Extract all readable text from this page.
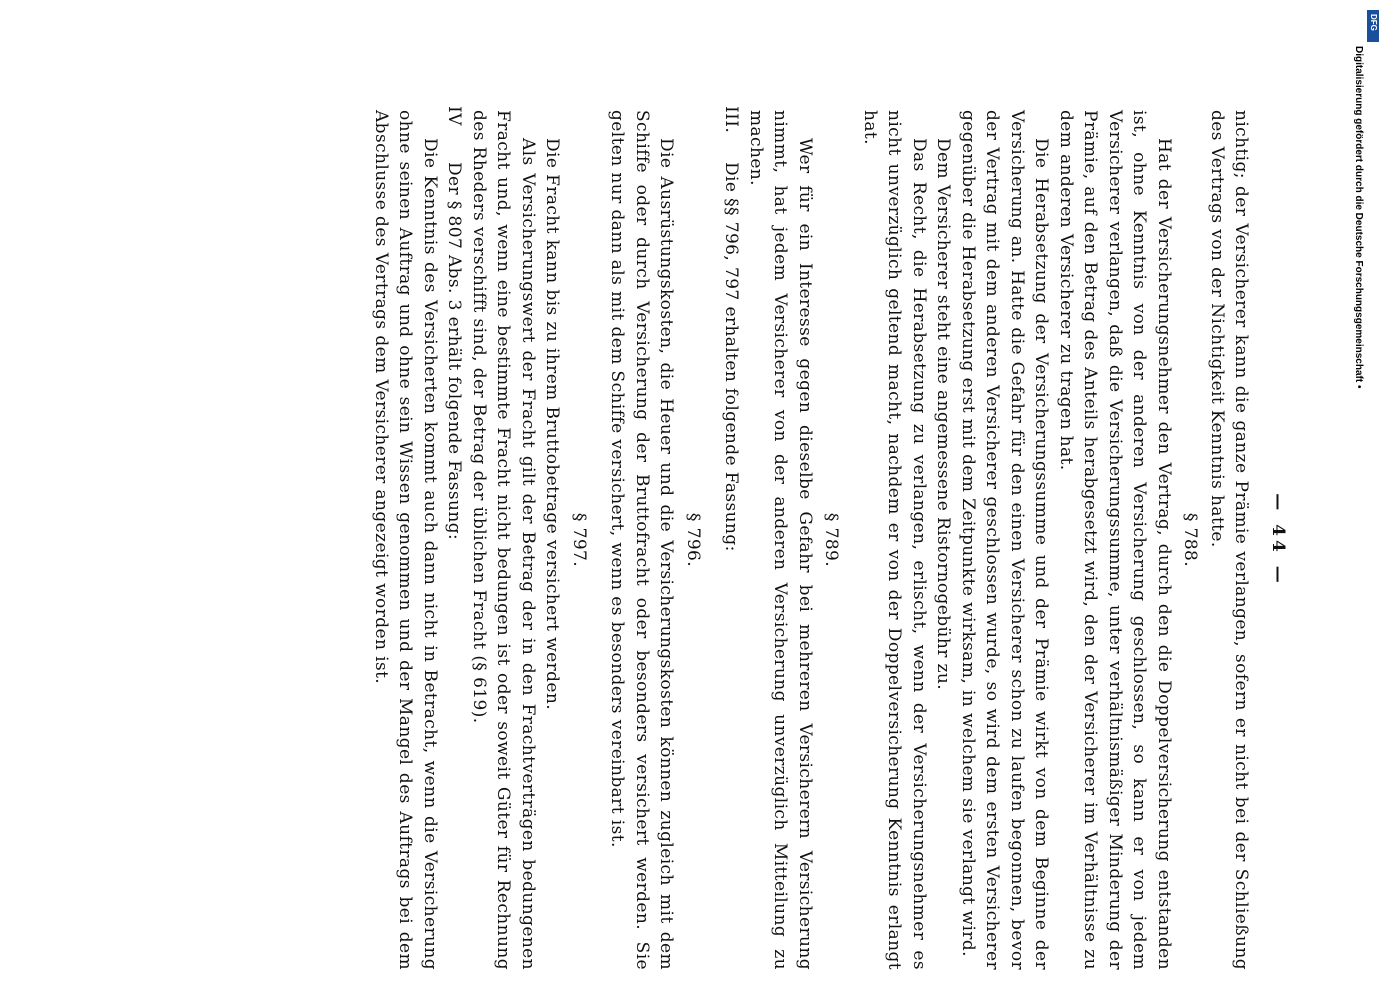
— 44 —

nichtig; der Versicherer kann die ganze Prämie verlangen, sofern er nicht bei der Schließung des Vertrags von der Nichtigkeit Kenntnis hatte.

§ 788.

Hat der Versicherungsnehmer den Vertrag, durch den die Doppelversicherung entstanden ist, ohne Kenntnis von der anderen Versicherung geschlossen, so kann er von jedem Versicherer verlangen, daß die Versicherungssumme, unter verhältnismäßiger Minderung der Prämie, auf den Betrag des Anteils herabgesetzt wird, den der Versicherer im Verhältnisse zu dem anderen Versicherer zu tragen hat.

Die Herabsetzung der Versicherungssumme und der Prämie wirkt von dem Beginne der Versicherung an. Hatte die Gefahr für den einen Versicherer schon zu laufen begonnen, bevor der Vertrag mit dem anderen Versicherer geschlossen wurde, so wird dem ersten Versicherer gegenüber die Herabsetzung erst mit dem Zeitpunkte wirksam, in welchem sie verlangt wird.

Dem Versicherer steht eine angemessene Ristornogebühr zu.

Das Recht, die Herabsetzung zu verlangen, erlischt, wenn der Versicherungsnehmer es nicht unverzüglich geltend macht, nachdem er von der Doppelversicherung Kenntnis erlangt hat.

§ 789.

Wer für ein Interesse gegen dieselbe Gefahr bei mehreren Versicherern Versicherung nimmt, hat jedem Versicherer von der anderen Versicherung unverzüglich Mitteilung zu machen.

III.
Die §§ 796, 797 erhalten folgende Fassung:

§ 796.

Die Ausrüstungskosten, die Heuer und die Versicherungskosten können zugleich mit dem Schiffe oder durch Versicherung der Bruttofracht oder besonders versichert werden. Sie gelten nur dann als mit dem Schiffe versichert, wenn es besonders vereinbart ist.

§ 797.

Die Fracht kann bis zu ihrem Bruttobetrage versichert werden.

Als Versicherungswert der Fracht gilt der Betrag der in den Frachtverträgen bedungenen Fracht und, wenn eine bestimmte Fracht nicht bedungen ist oder soweit Güter für Rechnung des Rheders verschifft sind, der Betrag der üblichen Fracht (§ 619).

IV
Der § 807 Abs. 3 erhält folgende Fassung:

Die Kenntnis des Versicherten kommt auch dann nicht in Betracht, wenn die Versicherung ohne seinen Auftrag und ohne sein Wissen genommen und der Mangel des Auftrags bei dem Abschlusse des Vertrags dem Versicherer angezeigt worden ist.

DFG
Digitalisierung gefördert durch die Deutsche Forschungsgemeinschaft •
